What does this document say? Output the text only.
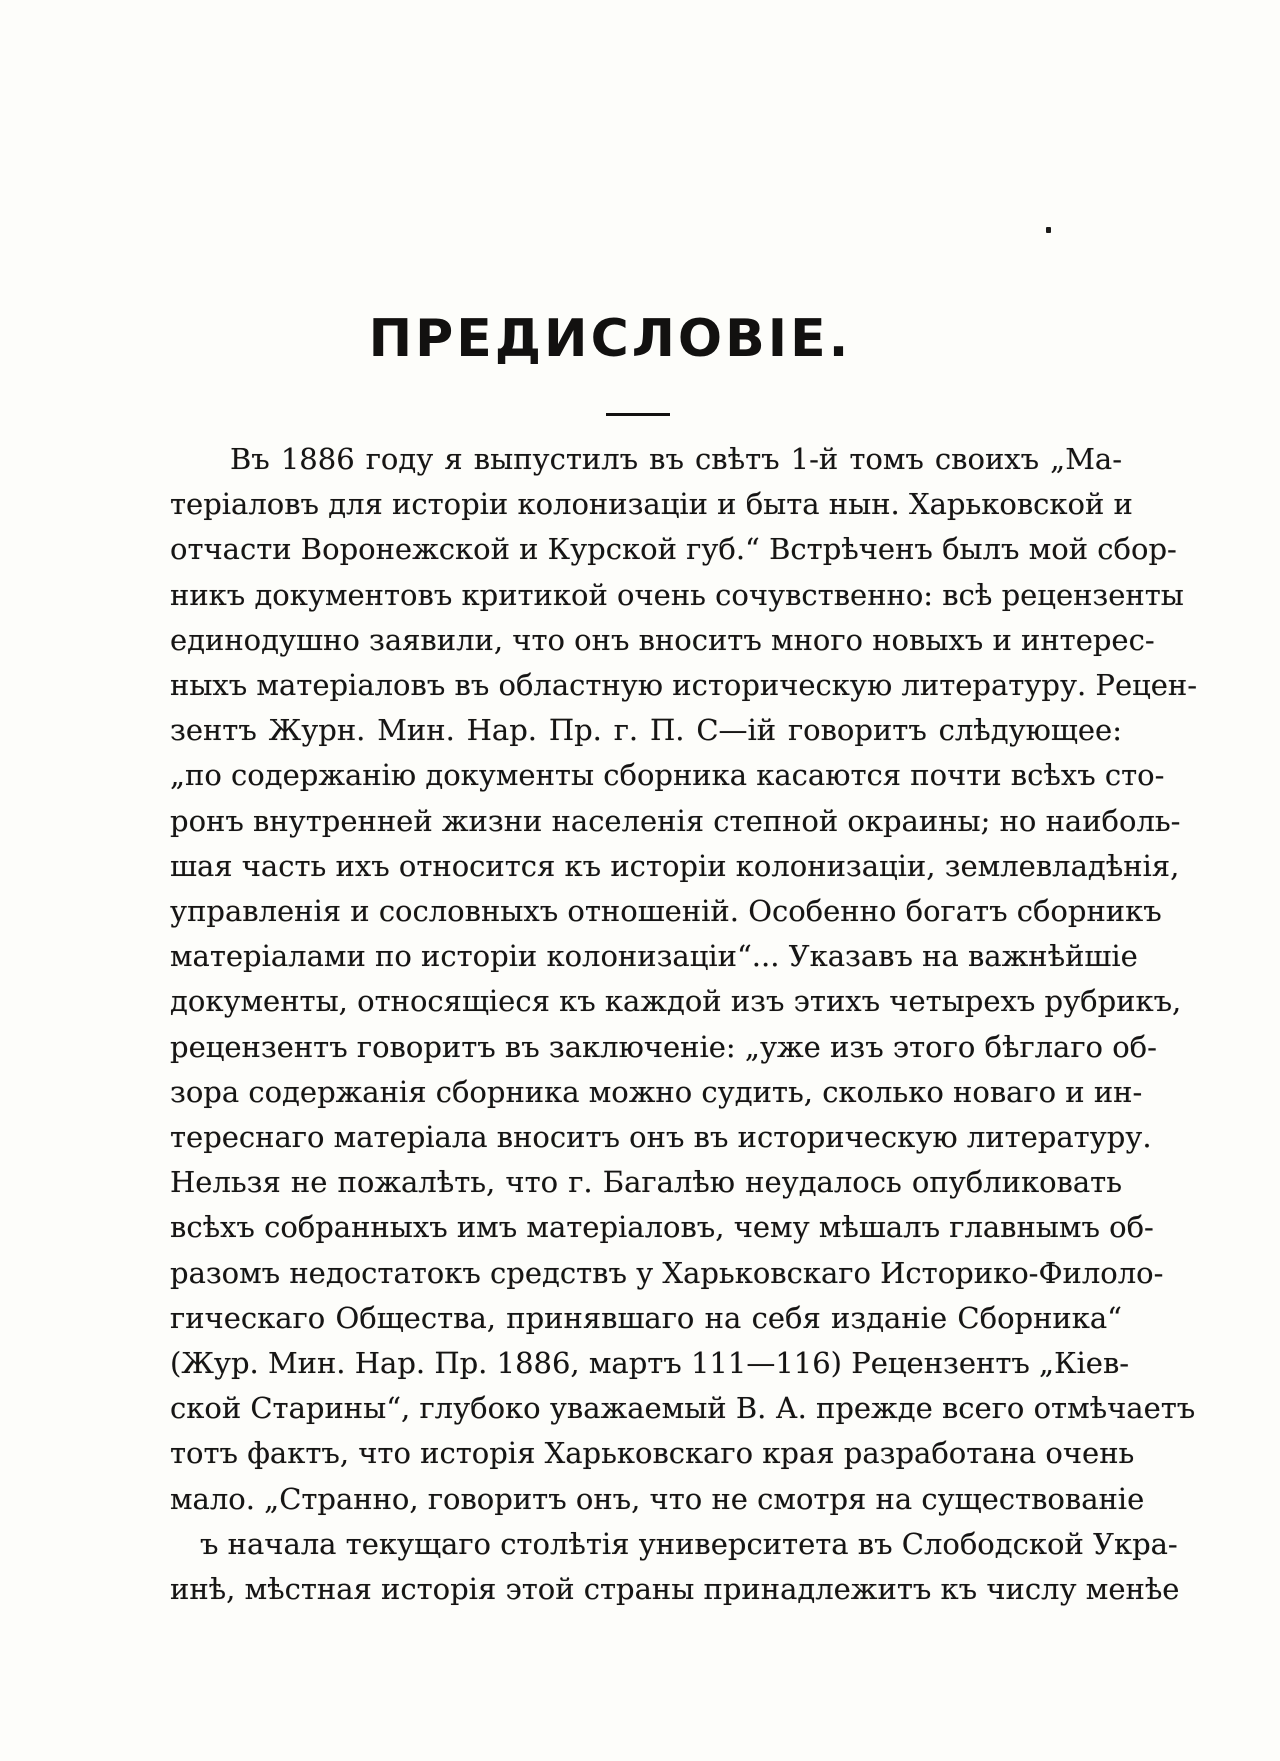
ПРЕДИСЛОВІЕ.
Въ 1886 году я выпустилъ въ свѣтъ 1-й томъ своихъ „Ма-
теріаловъ для исторіи колонизаціи и быта нын. Харьковской и
отчасти Воронежской и Курской губ.“ Встрѣченъ былъ мой сбор-
никъ документовъ критикой очень сочувственно: всѣ рецензенты
единодушно заявили, что онъ вноситъ много новыхъ и интерес-
ныхъ матеріаловъ въ областную историческую литературу. Рецен-
зентъ Журн. Мин. Нар. Пр. г. П. С—ій говоритъ слѣдующее:
„по содержанію документы сборника касаются почти всѣхъ сто-
ронъ внутренней жизни населенія степной окраины; но наиболь-
шая часть ихъ относится къ исторіи колонизаціи, землевладѣнія,
управленія и сословныхъ отношеній. Особенно богатъ сборникъ
матеріалами по исторіи колонизаціи“... Указавъ на важнѣйшіе
документы, относящіеся къ каждой изъ этихъ четырехъ рубрикъ,
рецензентъ говоритъ въ заключеніе: „уже изъ этого бѣглаго об-
зора содержанія сборника можно судить, сколько новаго и ин-
тереснаго матеріала вноситъ онъ въ историческую литературу.
Нельзя не пожалѣть, что г. Багалѣю неудалось опубликовать
всѣхъ собранныхъ имъ матеріаловъ, чему мѣшалъ главнымъ об-
разомъ недостатокъ средствъ у Харьковскаго Историко-Филоло-
гическаго Общества, принявшаго на себя изданіе Сборника“
(Жур. Мин. Нар. Пр. 1886, мартъ 111—116) Рецензентъ „Кіев-
ской Старины“, глубоко уважаемый В. А. прежде всего отмѣчаетъ
тотъ фактъ, что исторія Харьковскаго края разработана очень
мало. „Странно, говоритъ онъ, что не смотря на существованіе
ъ начала текущаго столѣтія университета въ Слободской Укра-
инѣ, мѣстная исторія этой страны принадлежитъ къ числу менѣе
